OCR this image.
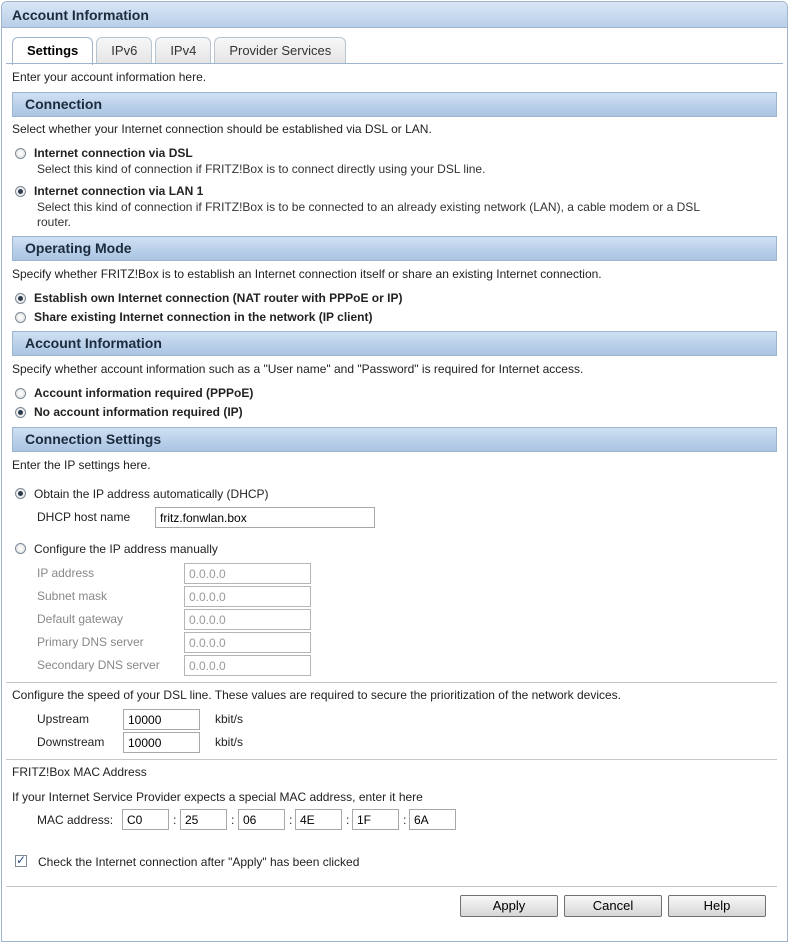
Account Information
Settings	IPv6	IPv4	Provider Services
Enter your account information here.
Connection
Select whether your Internet connection should be established via DSL or LAN.
Internet connection via DSL
Select this kind of connection if FRITZ!Box is to connect directly using your DSL line.
Internet connection via LAN 1
Select this kind of connection if FRITZ!Box is to be connected to an already existing network (LAN), a cable modem or a DSL
router.
Operating Mode
Specify whether FRITZ!Box is to establish an Internet connection itself or share an existing Internet connection.
Establish own Internet connection (NAT router with PPPoE or IP)
Share existing Internet connection in the network (IP client)
Account Information
Specify whether account information such as a "User name" and "Password" is required for Internet access.
Account information required (PPPoE)
No account information required (IP)
Connection Settings
Enter the IP settings here.
Obtain the IP address automatically (DHCP)
DHCP host name
fritz.fonwlan.box
Configure the IP address manually
IP address
0.0.0.0
Subnet mask
0.0.0.0
Default gateway
0.0.0.0
Primary DNS server
0.0.0.0
Secondary DNS server
0.0.0.0
Configure the speed of your DSL line. These values are required to secure the prioritization of the network devices.
Upstream
10000	kbit/s
Downstream
10000	kbit/s
FRITZ!Box MAC Address
If your Internet Service Provider expects a special MAC address, enter it here
MAC address:
C0	:
25	:
06	:
4E	:
1F	:
6A
✓ Check the Internet connection after "Apply" has been clicked
Apply	Cancel	Help
